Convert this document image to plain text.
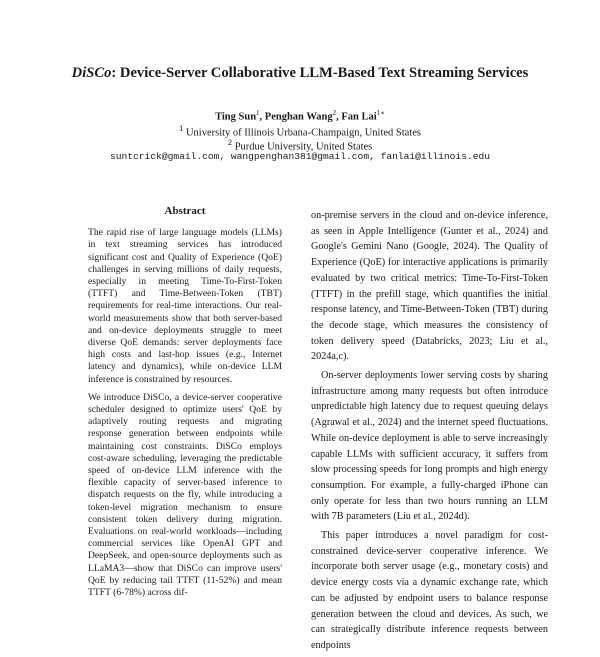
DiSCo: Device-Server Collaborative LLM-Based Text Streaming Services
Ting Sun$^1$, Penghan Wang$^2$, Fan Lai$^{1∗}$
$^1$ University of Illinois Urbana-Champaign, United States
$^2$ Purdue University, United States
suntcrick@gmail.com, wangpenghan381@gmail.com, fanlai@illinois.edu
Abstract

The rapid rise of large language models (LLMs) in text streaming services has introduced significant cost and Quality of Experience (QoE) challenges in serving millions of daily requests, especially in meeting Time-To-First-Token (TTFT) and Time-Between-Token (TBT) requirements for real-time interactions. Our real-world measurements show that both server-based and on-device deployments struggle to meet diverse QoE demands: server deployments face high costs and last-hop issues (e.g., Internet latency and dynamics), while on-device LLM inference is constrained by resources.

We introduce DiSCo, a device-server cooperative scheduler designed to optimize users' QoE by adaptively routing requests and migrating response generation between endpoints while maintaining cost constraints. DiSCo employs cost-aware scheduling, leveraging the predictable speed of on-device LLM inference with the flexible capacity of server-based inference to dispatch requests on the fly, while introducing a token-level migration mechanism to ensure consistent token delivery during migration. Evaluations on real-world workloads—including commercial services like OpenAI GPT and DeepSeek, and open-source deployments such as LLaMA3—show that DiSCo can improve users' QoE by reducing tail TTFT (11-52%) and mean TTFT (6-78%) across dif-

on-premise servers in the cloud and on-device inference, as seen in Apple Intelligence (Gunter et al., 2024) and Google's Gemini Nano (Google, 2024). The Quality of Experience (QoE) for interactive applications is primarily evaluated by two critical metrics: Time-To-First-Token (TTFT) in the prefill stage, which quantifies the initial response latency, and Time-Between-Token (TBT) during the decode stage, which measures the consistency of token delivery speed (Databricks, 2023; Liu et al., 2024a,c).

On-server deployments lower serving costs by sharing infrastructure among many requests but often introduce unpredictable high latency due to request queuing delays (Agrawal et al., 2024) and the internet speed fluctuations. While on-device deployment is able to serve increasingly capable LLMs with sufficient accuracy, it suffers from slow processing speeds for long prompts and high energy consumption. For example, a fully-charged iPhone can only operate for less than two hours running an LLM with 7B parameters (Liu et al., 2024d).

This paper introduces a novel paradigm for cost-constrained device-server cooperative inference. We incorporate both server usage (e.g., monetary costs) and device energy costs via a dynamic exchange rate, which can be adjusted by endpoint users to balance response generation between the cloud and devices. As such, we can strategically distribute inference requests between endpoints
